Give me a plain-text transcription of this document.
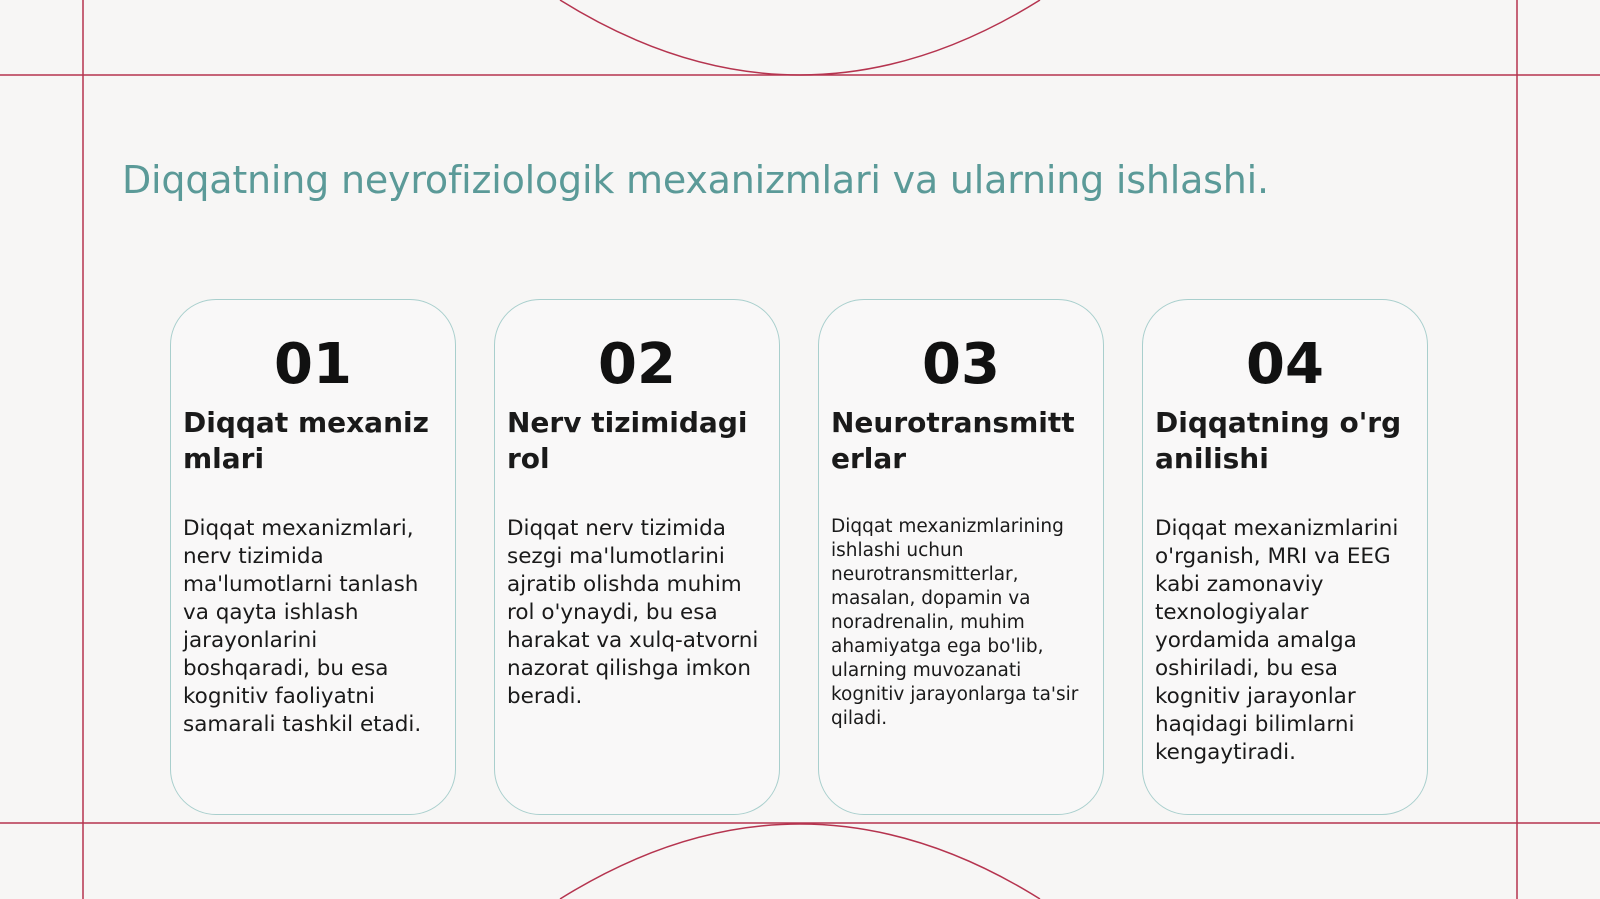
Diqqatning neyrofiziologik mexanizmlari va ularning ishlashi.

01

Diqqat mexanizmlari

Diqqat mexanizmlari, nerv tizimida ma'lumotlarni tanlash va qayta ishlash jarayonlarini boshqaradi, bu esa kognitiv faoliyatni samarali tashkil etadi.

02

Nerv tizimidagi rol

Diqqat nerv tizimida sezgi ma'lumotlarini ajratib olishda muhim rol o'ynaydi, bu esa harakat va xulq-atvorni nazorat qilishga imkon beradi.

03

Neurotransmitterlar

Diqqat mexanizmlarining ishlashi uchun neurotransmitterlar, masalan, dopamin va noradrenalin, muhim ahamiyatga ega bo'lib, ularning muvozanati kognitiv jarayonlarga ta'sir qiladi.

04

Diqqatning o'rganilishi

Diqqat mexanizmlarini o'rganish, MRI va EEG kabi zamonaviy texnologiyalar yordamida amalga oshiriladi, bu esa kognitiv jarayonlar haqidagi bilimlarni kengaytiradi.
